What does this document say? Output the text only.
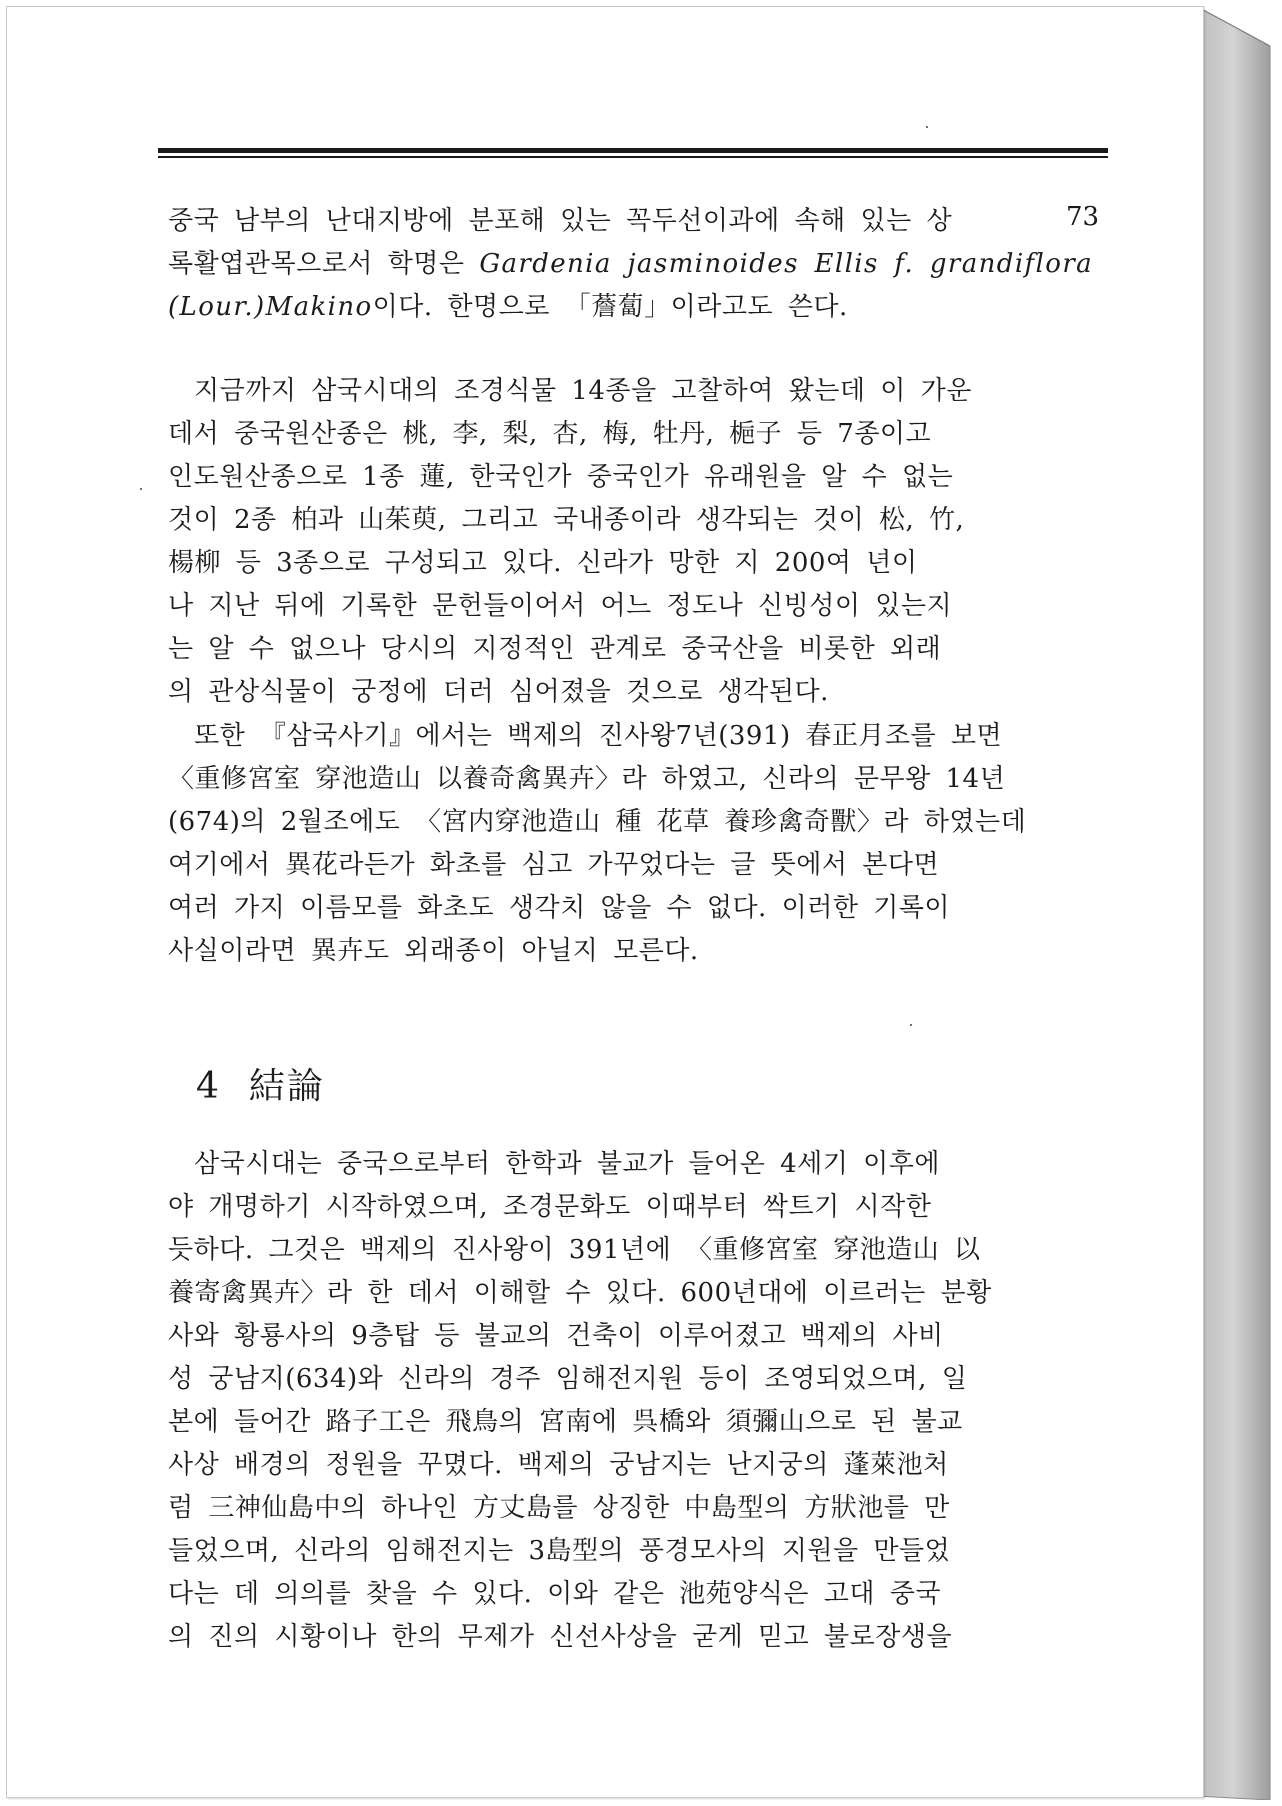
73

중국 남부의 난대지방에 분포해 있는 꼭두선이과에 속해 있는 상

록활엽관목으로서 학명은 Gardenia jasminoides Ellis f. grandiflora

(Lour.)Makino이다. 한명으로 「薝蔔」이라고도 쓴다.

지금까지 삼국시대의 조경식물 14종을 고찰하여 왔는데 이 가운

데서 중국원산종은 桃, 李, 梨, 杏, 梅, 牡丹, 梔子 등 7종이고

인도원산종으로 1종 蓮, 한국인가 중국인가 유래원을 알 수 없는

것이 2종 柏과 山茱萸, 그리고 국내종이라 생각되는 것이 松, 竹,

楊柳 등 3종으로 구성되고 있다. 신라가 망한 지 200여 년이

나 지난 뒤에 기록한 문헌들이어서 어느 정도나 신빙성이 있는지

는 알 수 없으나 당시의 지정적인 관계로 중국산을 비롯한 외래

의 관상식물이 궁정에 더러 심어졌을 것으로 생각된다.

또한 『삼국사기』에서는 백제의 진사왕7년(391) 春正月조를 보면

〈重修宮室 穿池造山 以養奇禽異卉〉라 하였고, 신라의 문무왕 14년

(674)의 2월조에도 〈宮内穿池造山 種 花草 養珍禽奇獸〉라 하였는데

여기에서 異花라든가 화초를 심고 가꾸었다는 글 뜻에서 본다면

여러 가지 이름모를 화초도 생각치 않을 수 없다. 이러한 기록이

사실이라면 異卉도 외래종이 아닐지 모른다.

4 結論

삼국시대는 중국으로부터 한학과 불교가 들어온 4세기 이후에

야 개명하기 시작하였으며, 조경문화도 이때부터 싹트기 시작한

듯하다. 그것은 백제의 진사왕이 391년에 〈重修宮室 穿池造山 以

養寄禽異卉〉라 한 데서 이해할 수 있다. 600년대에 이르러는 분황

사와 황룡사의 9층탑 등 불교의 건축이 이루어졌고 백제의 사비

성 궁남지(634)와 신라의 경주 임해전지원 등이 조영되었으며, 일

본에 들어간 路子工은 飛鳥의 宮南에 呉橋와 須彌山으로 된 불교

사상 배경의 정원을 꾸몄다. 백제의 궁남지는 난지궁의 蓬萊池처

럼 三神仙島中의 하나인 方丈島를 상징한 中島型의 方狀池를 만

들었으며, 신라의 임해전지는 3島型의 풍경모사의 지원을 만들었

다는 데 의의를 찾을 수 있다. 이와 같은 池苑양식은 고대 중국

의 진의 시황이나 한의 무제가 신선사상을 굳게 믿고 불로장생을
